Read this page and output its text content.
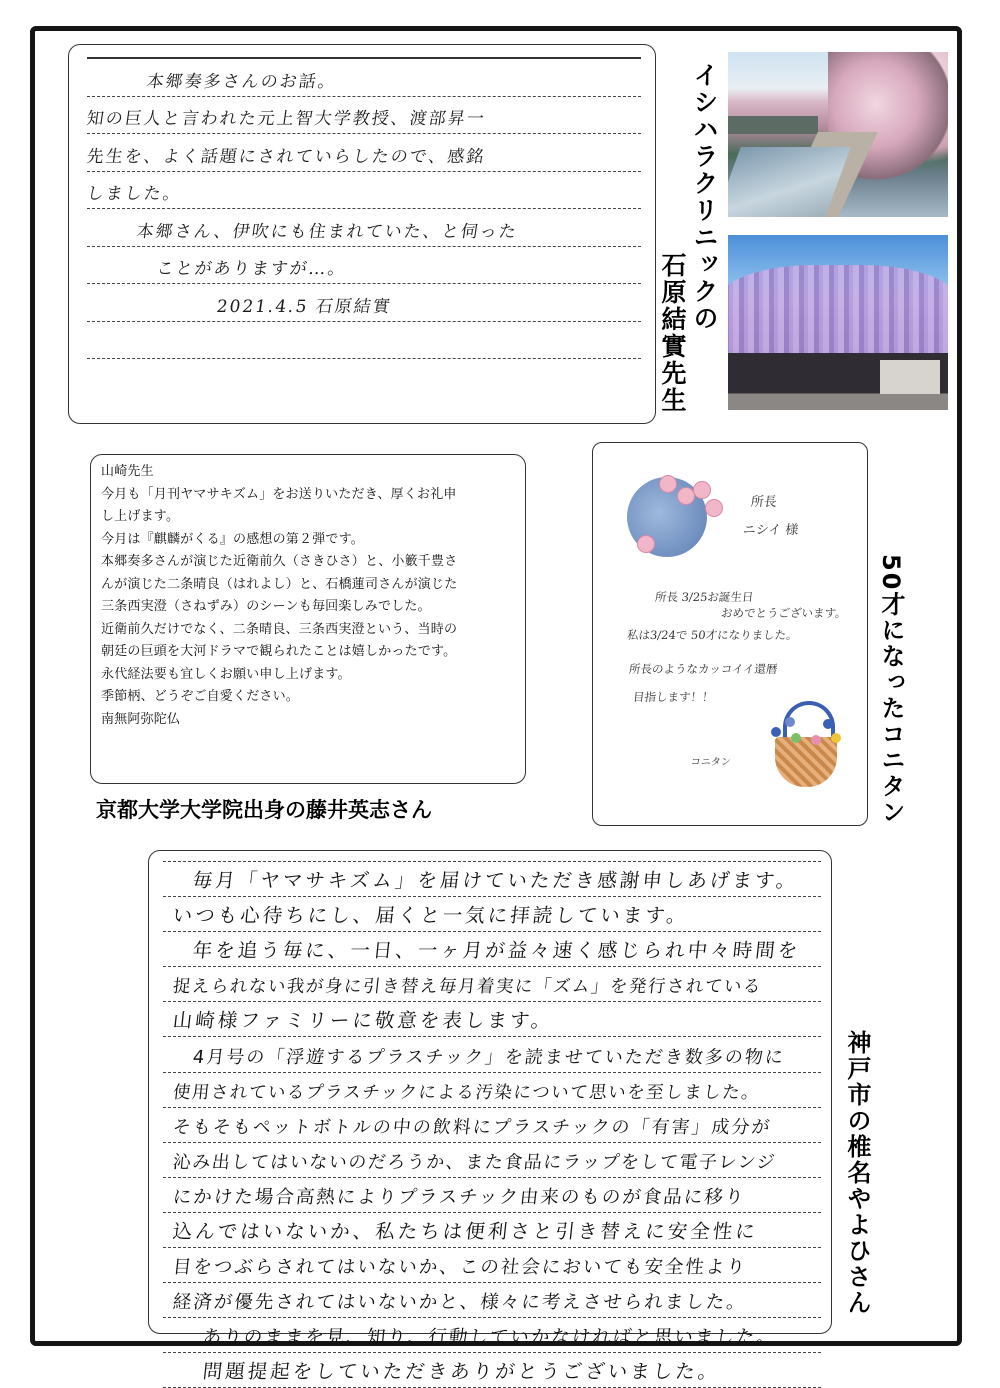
本郷奏多さんのお話。
知の巨人と言われた元上智大学教授、渡部昇一
先生を、よく話題にされていらしたので、感銘
しました。
本郷さん、伊吹にも住まれていた、と伺った
ことがありますが…。
2021.4.5 石原結實	イシハラクリニックの
石原結實先生

山崎先生

今月も「月刊ヤマサキズム」をお送りいただき、厚くお礼申

し上げます。

今月は『麒麟がくる』の感想の第２弾です。

本郷奏多さんが演じた近衛前久（さきひさ）と、小籔千豊さ

んが演じた二条晴良（はれよし）と、石橋蓮司さんが演じた

三条西実澄（さねずみ）のシーンも毎回楽しみでした。

近衛前久だけでなく、二条晴良、三条西実澄という、当時の

朝廷の巨頭を大河ドラマで観られたことは嬉しかったです。

永代経法要も宜しくお願い申し上げます。

季節柄、どうぞご自愛ください。

南無阿弥陀仏

京都大学大学院出身の藤井英志さん
所長
ニシイ 様
所長 3/25お誕生日
おめでとうございます。
私は3/24で 50才になりました。
所長のようなカッコイイ還暦
目指します！！
コニタン	50才になったコニタン
毎月「ヤマサキズム」を届けていただき感謝申しあげます。
いつも心待ちにし、届くと一気に拝読しています。
年を追う毎に、一日、一ヶ月が益々速く感じられ中々時間を
捉えられない我が身に引き替え毎月着実に「ズム」を発行されている
山崎様ファミリーに敬意を表します。
4月号の「浮遊するプラスチック」を読ませていただき数多の物に
使用されているプラスチックによる汚染について思いを至しました。
そもそもペットボトルの中の飲料にプラスチックの「有害」成分が
沁み出してはいないのだろうか、また食品にラップをして電子レンジ
にかけた場合高熱によりプラスチック由来のものが食品に移り
込んではいないか、私たちは便利さと引き替えに安全性に
目をつぶらされてはいないか、この社会においても安全性より
経済が優先されてはいないかと、様々に考えさせられました。
ありのままを見、知り、行動していかなければと思いました。
問題提起をしていただきありがとうございました。
神戸市の椎名やよひさん
